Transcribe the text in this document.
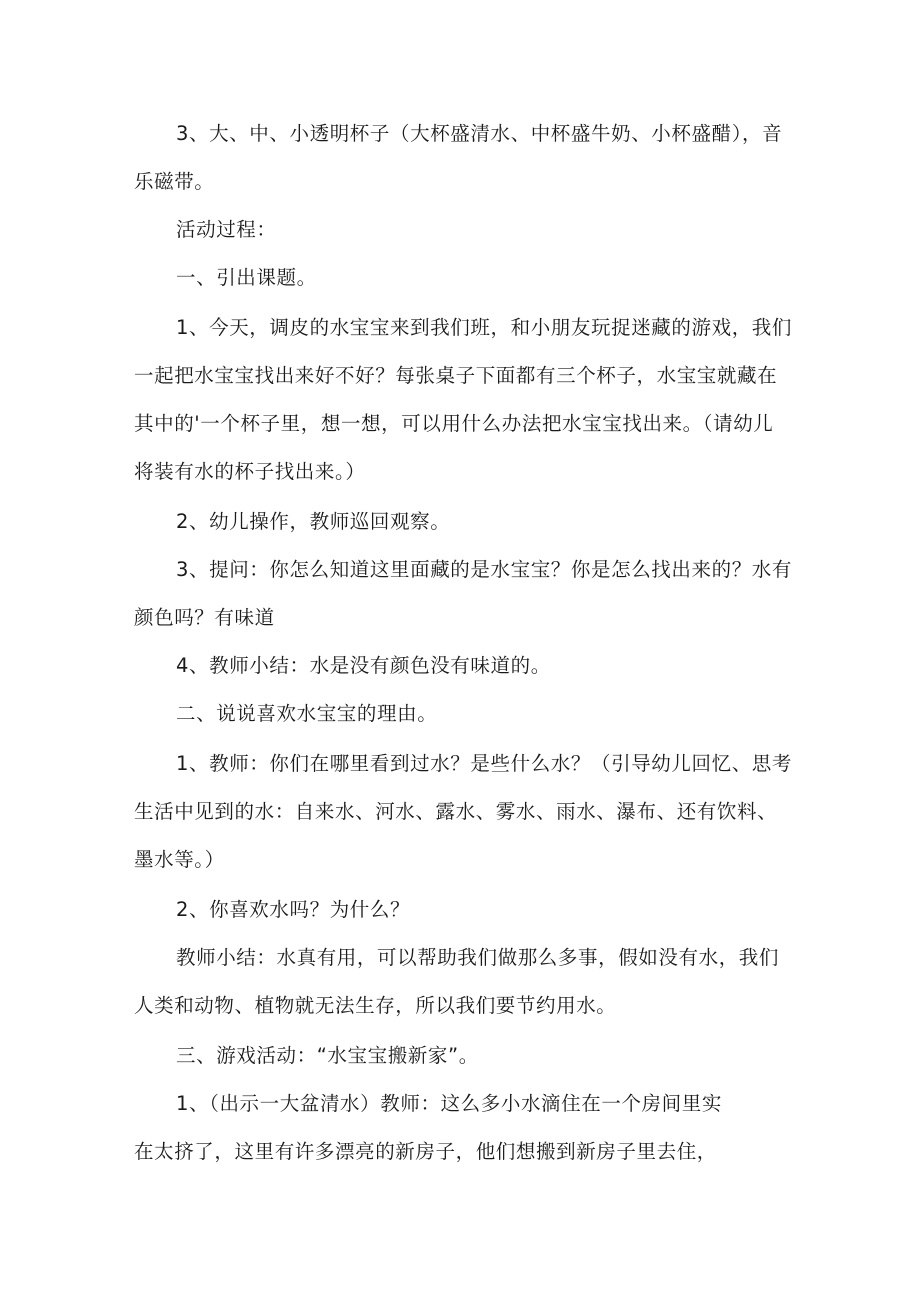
3、大、中、小透明杯子（大杯盛清水、中杯盛牛奶、小杯盛醋），音
乐磁带。
活动过程：
一、引出课题。
1、今天，调皮的水宝宝来到我们班，和小朋友玩捉迷藏的游戏，我们
一起把水宝宝找出来好不好？每张桌子下面都有三个杯子，水宝宝就藏在
其中的'一个杯子里，想一想，可以用什么办法把水宝宝找出来。（请幼儿
将装有水的杯子找出来。）
2、幼儿操作，教师巡回观察。
3、提问：你怎么知道这里面藏的是水宝宝？你是怎么找出来的？水有
颜色吗？有味道
4、教师小结：水是没有颜色没有味道的。
二、说说喜欢水宝宝的理由。
1、教师：你们在哪里看到过水？是些什么水？（引导幼儿回忆、思考
生活中见到的水：自来水、河水、露水、雾水、雨水、瀑布、还有饮料、
墨水等。）
2、你喜欢水吗？为什么？
教师小结：水真有用，可以帮助我们做那么多事，假如没有水，我们
人类和动物、植物就无法生存，所以我们要节约用水。
三、游戏活动：“水宝宝搬新家”。
1、（出示一大盆清水）教师：这么多小水滴住在一个房间里实
在太挤了，这里有许多漂亮的新房子，他们想搬到新房子里去住，
